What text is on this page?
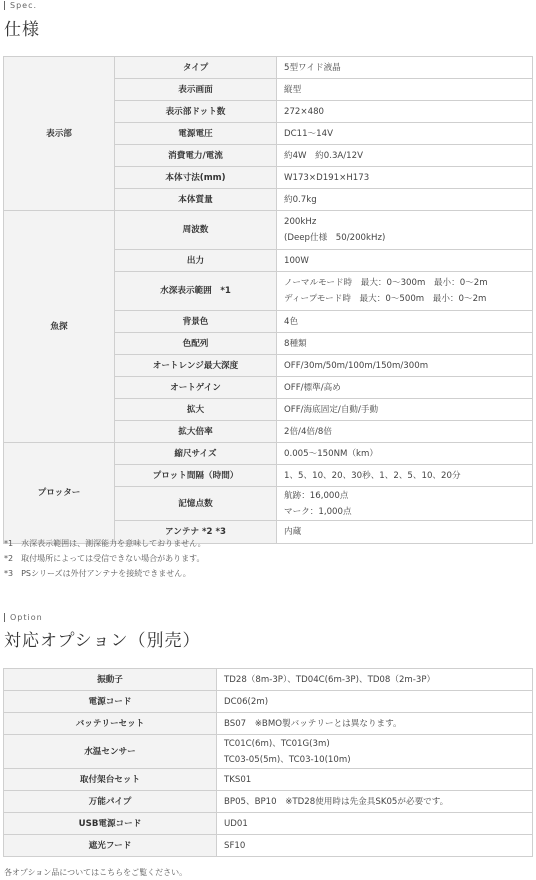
Spec.
仕様
表示部	タイプ	5型ワイド液晶

	表示画面	縦型

	表示部ドット数	272×480

	電源電圧	DC11～14V

	消費電力/電流	約4W　約0.3A/12V

	本体寸法(mm)	W173×D191×H173

	本体質量	約0.7kg

魚探	周波数	200kHz
(Deep仕様　50/200kHz)

	出力	100W

	水深表示範囲　*1	ノーマルモード時　最大：0～300m　最小：0～2m
ディープモード時　最大：0～500m　最小：0～2m

	背景色	4色

	色配列	8種類

	オートレンジ最大深度	OFF/30m/50m/100m/150m/300m

	オートゲイン	OFF/標準/高め

	拡大	OFF/海底固定/自動/手動

	拡大倍率	2倍/4倍/8倍

プロッター	縮尺サイズ	0.005～150NM（km）

	プロット間隔（時間）	1、5、10、20、30秒、1、2、5、10、20分

	記憶点数	航跡：16,000点
マーク：1,000点

	アンテナ *2 *3	内蔵
*1　水深表示範囲は、測深能力を意味しておりません。
*2　取付場所によっては受信できない場合があります。
*3　PSシリーズは外付アンテナを接続できません。
Option
対応オプション（別売）
振動子	TD28（8m-3P）、TD04C(6m-3P)、TD08（2m-3P）

電源コード	DC06(2m)

バッテリーセット	BS07　※BMO製バッテリーとは異なります。

水温センサー	TC01C(6m)、TC01G(3m)
TC03-05(5m)、TC03-10(10m)

取付架台セット	TKS01

万能パイプ	BP05、BP10　※TD28使用時は先金具SK05が必要です。

USB電源コード	UD01

遮光フード	SF10
各オプション品についてはこちらをご覧ください。
